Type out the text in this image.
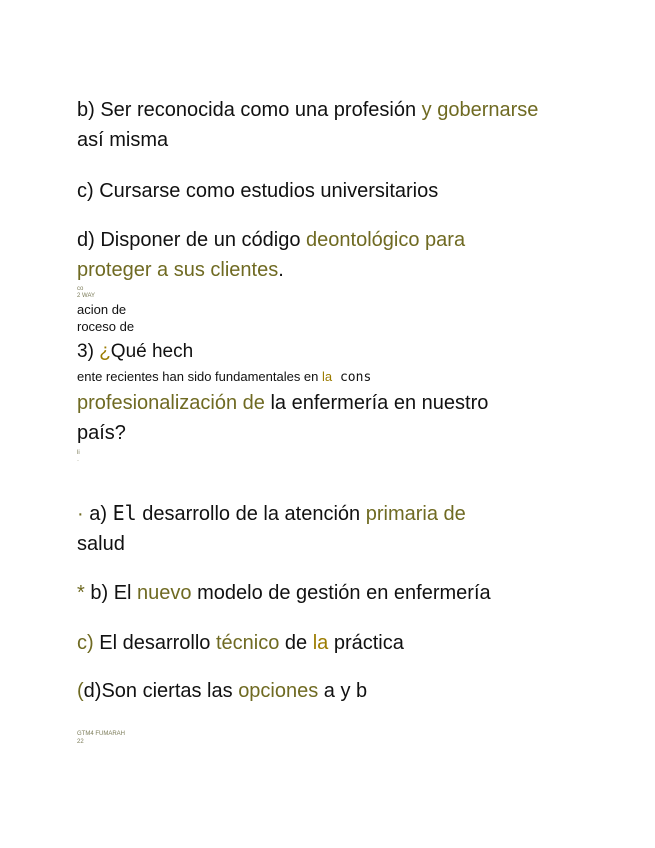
b) Ser reconocida como una profesión y gobernarse
así misma
c) Cursarse como estudios universitarios
d) Disponer de un código deontológico para
proteger a sus clientes.
co
2 WAY
acion de
roceso de
3) ¿Qué hech
ente recientes han sido fundamentales en la cons
profesionalización de la enfermería en nuestro
país?
li
·
· a) El desarrollo de la atención primaria de
salud
* b) El nuevo modelo de gestión en enfermería
c) El desarrollo técnico de la práctica
(d)Son ciertas las opciones a y b
GTM4 FUMARAH
22
